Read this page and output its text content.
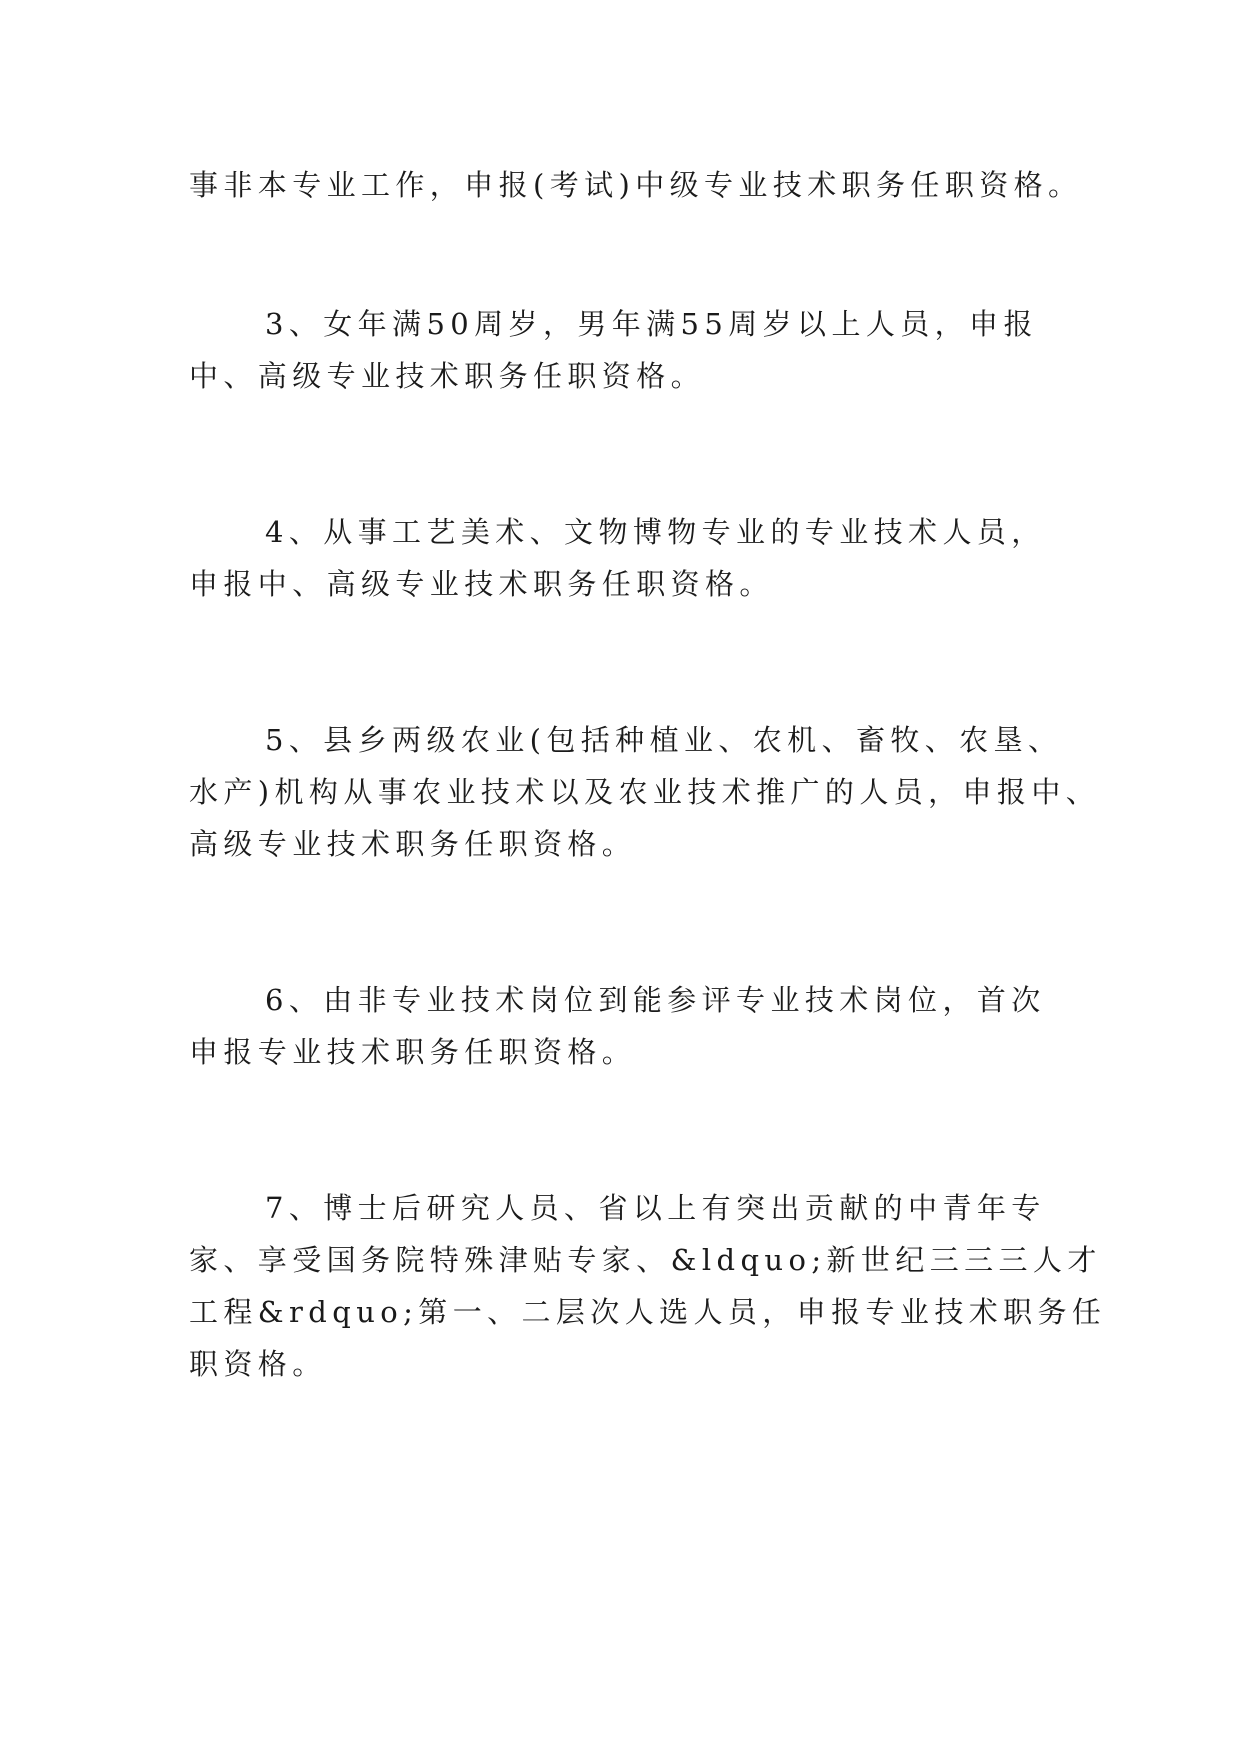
事非本专业工作，申报(考试)中级专业技术职务任职资格。

3、女年满50周岁，男年满55周岁以上人员，申报

中、高级专业技术职务任职资格。

4、从事工艺美术、文物博物专业的专业技术人员，

申报中、高级专业技术职务任职资格。

5、县乡两级农业(包括种植业、农机、畜牧、农垦、

水产)机构从事农业技术以及农业技术推广的人员，申报中、

高级专业技术职务任职资格。

6、由非专业技术岗位到能参评专业技术岗位，首次

申报专业技术职务任职资格。

7、博士后研究人员、省以上有突出贡献的中青年专

家、享受国务院特殊津贴专家、&ldquo;新世纪三三三人才

工程&rdquo;第一、二层次人选人员，申报专业技术职务任

职资格。
